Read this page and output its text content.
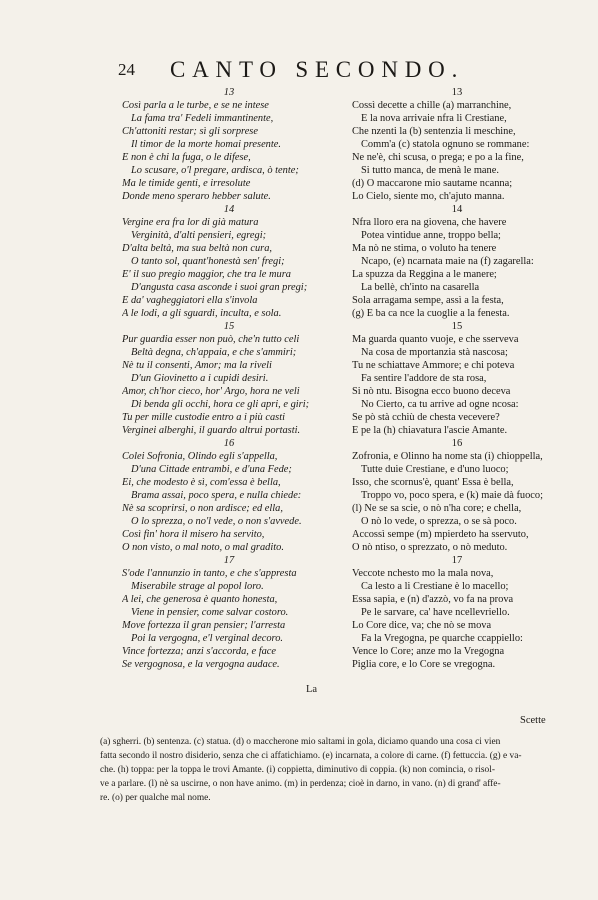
24 CANTO SECONDO.
13
Così parla a le turbe, e se ne intese
La fama tra' Fedeli immantinente,
Ch'attoniti restar; sì gli sorprese
Il timor de la morte homai presente.
E non è chi la fuga, o le difese,
Lo scusare, o'l pregare, ardisca, ò tente;
Ma le timide genti, e irresolute
Donde meno speraro hebber salute.
14
Vergine era fra lor di già matura
Verginità, d'alti pensieri, egregi;
D'alta beltà, ma sua beltà non cura,
O tanto sol, quant'honestà sen' fregi;
E' il suo pregio maggior, che tra le mura
D'angusta casa asconde i suoi gran pregi;
E da' vagheggiatori ella s'invola
A le lodi, a gli sguardi, inculta, e sola.
15
Pur guardia esser non può, che'n tutto celi
Beltà degna, ch'appaia, e che s'ammiri;
Nè tu il consenti, Amor; ma la riveli
D'un Giovinetto a i cupidi desiri.
Amor, ch'hor cieco, hor' Argo, hora ne veli
Di benda gli occhi, hora ce gli apri, e giri;
Tu per mille custodie entro a i più casti
Verginei alberghi, il guardo altrui portasti.
16
Colei Sofronia, Olindo egli s'appella,
D'una Cittade entrambi, e d'una Fede;
Ei, che modesto è sì, com'essa è bella,
Brama assai, poco spera, e nulla chiede:
Nè sa scoprirsi, o non ardisce; ed ella,
O lo sprezza, o no'l vede, o non s'avvede.
Così fin' hora il misero ha servito,
O non visto, o mal noto, o mal gradito.
17
S'ode l'annunzio in tanto, e che s'appresta
Miserabile strage al popol loro.
A lei, che generosa è quanto honesta,
Viene in pensier, come salvar costoro.
Move fortezza il gran pensier; l'arresta
Poi la vergogna, e'l verginal decoro.
Vince fortezza; anzi s'accorda, e face
Se vergognosa, e la vergogna audace.
13
Cossì decette a chille (a) marranchine,
E la nova arrivaie nfra li Crestiane,
Che nzenti la (b) sentenzia li meschine,
Comm'a (c) statola ognuno se rommane:
Ne ne'è, chi scusa, o prega; e po a la fine,
Si tutto manca, de menà le mane.
(d) O maccarone mio sautame ncanna;
Lo Cielo, siente mo, ch'ajuto manna.
14
Nfra lloro era na giovena, che havere
Potea vintidue anne, troppo bella;
Ma nò ne stima, o voluto ha tenere
Ncapo, (e) ncarnata maie na (f) zagarella:
La spuzza da Reggina a le manere;
La bellè, ch'into na casarella
Sola arragama sempe, assì a la festa,
(g) E ba ca nce la cuoglie a la fenesta.
15
Ma guarda quanto vuoje, e che sserveva
Na cosa de mportanzia stà nascosa;
Tu ne schiattave Ammore; e chi poteva
Fa sentire l'addore de sta rosa,
Si nò ntu. Bisogna ecco buono deceva
No Cierto, ca tu arrive ad ogne ncosa:
Se pò stà cchiù de chesta vecevere?
E pe la (h) chiavatura l'ascie Amante.
16
Zofronia, e Olinno ha nome sta (i) chioppella,
Tutte duie Crestiane, e d'uno luoco;
Isso, che scornus'è, quant' Essa è bella,
Troppo vo, poco spera, e (k) maie dà fuoco;
(l) Ne se sa scie, o nò n'ha core; e chella,
O nò lo vede, o sprezza, o se sà poco.
Accossì sempe (m) mpierdeto ha sservuto,
O nò ntiso, o sprezzato, o nò meduto.
17
Veccote nchesto mo la mala nova,
Ca lesto a li Crestiane è lo macello;
Essa sapia, e (n) d'azzò, vo fa na prova
Pe le sarvare, ca' have ncellevriello.
Lo Core dice, va; che nò se mova
Fa la Vregogna, pe quarche ccappiello:
Vence lo Core; anze mo la Vregogna
Piglia core, e lo Core se vregogna.
La
Scette
(a) sgherri. (b) sentenza. (c) statua. (d) o maccherone mio saltami in gola, diciamo quando una cosa ci vien
fatta secondo il nostro disiderio, senza che ci affatichiamo. (e) incarnata, a colore di carne. (f) fettuccia. (g) e va-
che. (h) toppa: per la toppa le trovi Amante. (i) coppietta, diminutivo di coppia. (k) non comincia, o risol-
ve a parlare. (l) nè sa uscirne, o non have animo. (m) in perdenza; cioè in darno, in vano. (n) di grand' affe-
re. (o) per qualche mal nome.
